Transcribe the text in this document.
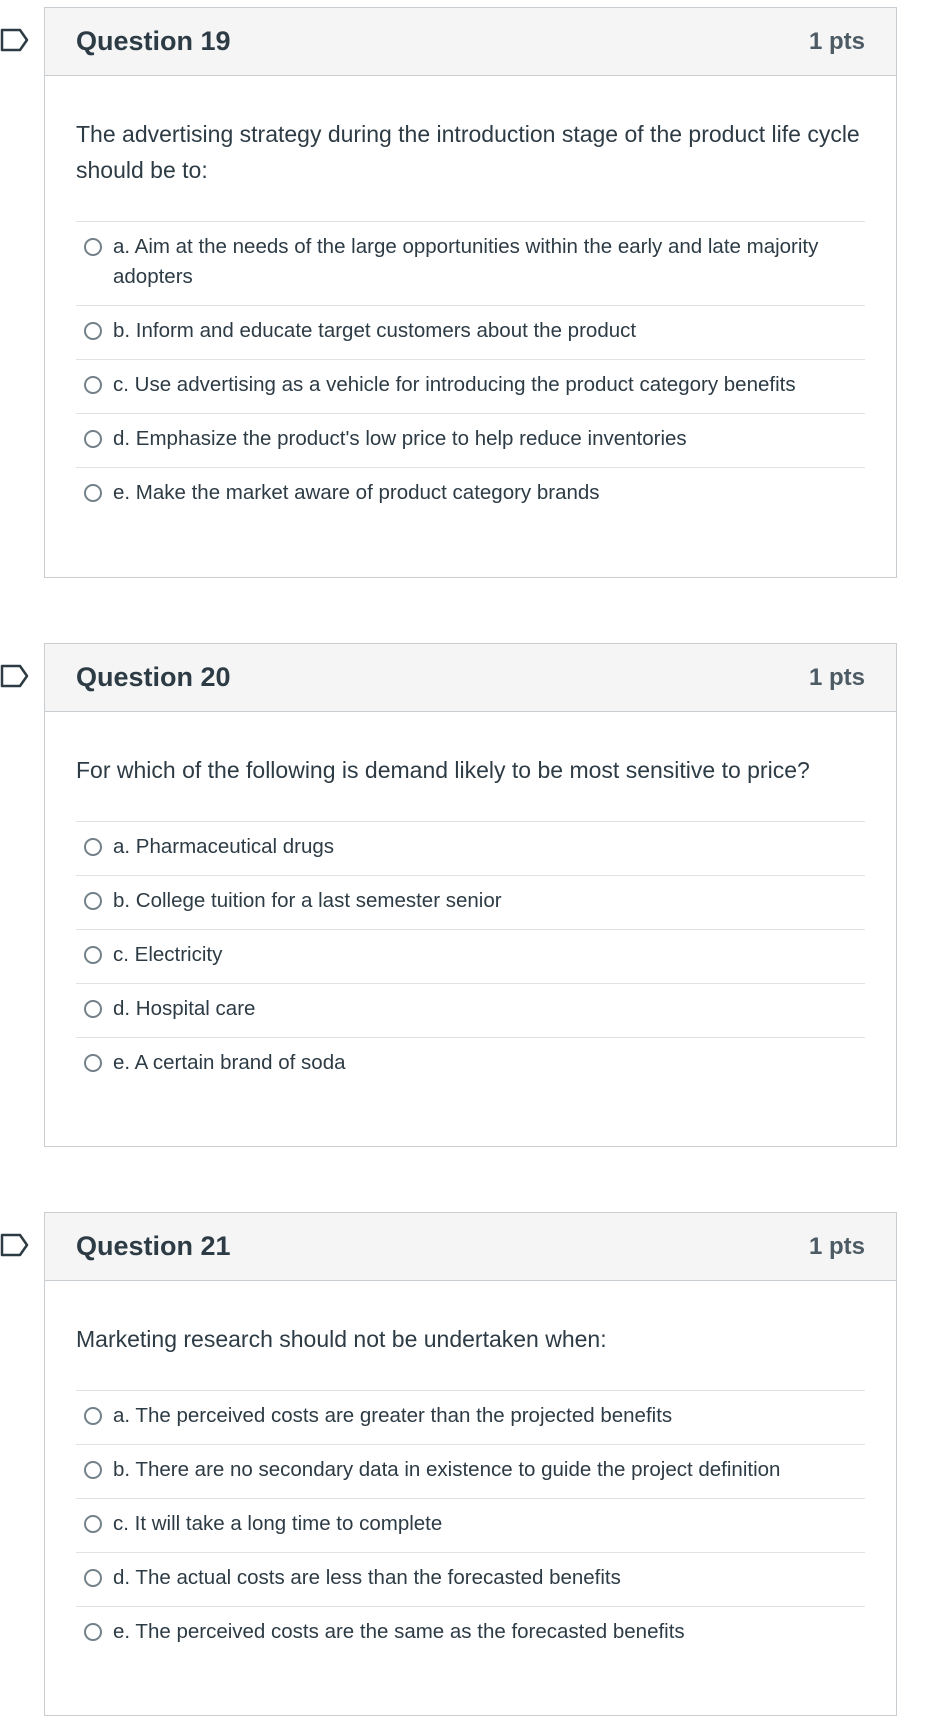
Question 19	1 pts

The advertising strategy during the introduction stage of the product life cycle should be to:

a. Aim at the needs of the large opportunities within the early and late majority adopters
b. Inform and educate target customers about the product
c. Use advertising as a vehicle for introducing the product category benefits
d. Emphasize the product's low price to help reduce inventories
e. Make the market aware of product category brands
Question 20	1 pts

For which of the following is demand likely to be most sensitive to price?

a. Pharmaceutical drugs
b. College tuition for a last semester senior
c. Electricity
d. Hospital care
e. A certain brand of soda
Question 21	1 pts

Marketing research should not be undertaken when:

a. The perceived costs are greater than the projected benefits
b. There are no secondary data in existence to guide the project definition
c. It will take a long time to complete
d. The actual costs are less than the forecasted benefits
e. The perceived costs are the same as the forecasted benefits
